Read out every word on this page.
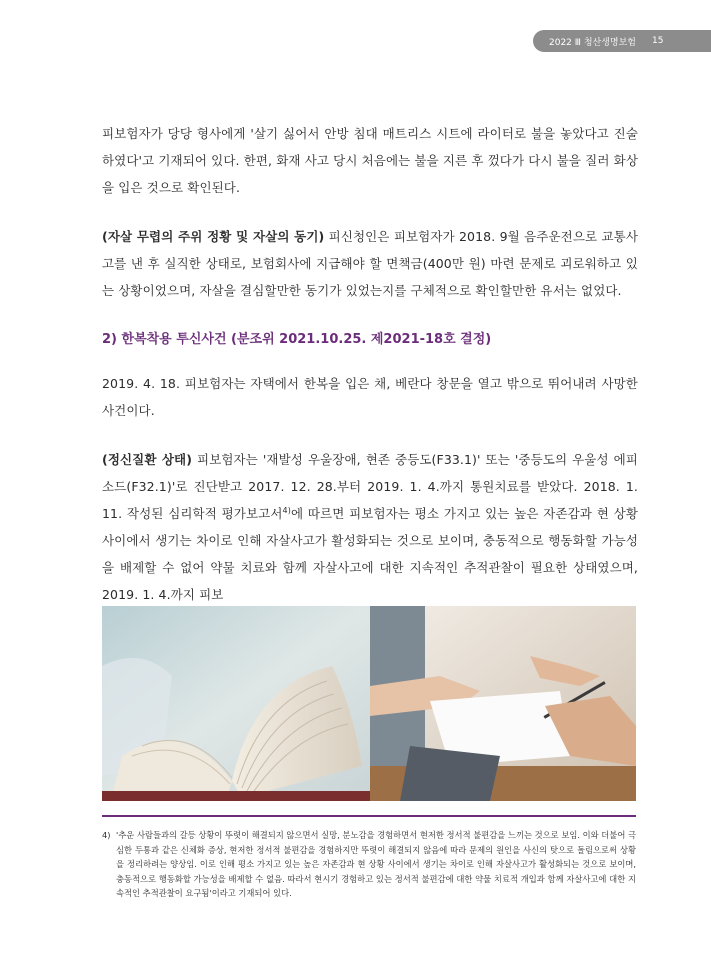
2022 Ⅲ 청산생명보험 15

피보험자가 당당 형사에게 '살기 싫어서 안방 침대 매트리스 시트에 라이터로 불을 놓았다고 진술하였다'고 기재되어 있다. 한편, 화재 사고 당시 처음에는 불을 지른 후 껐다가 다시 불을 질러 화상을 입은 것으로 확인된다.

(자살 무렵의 주위 정황 및 자살의 동기) 피신청인은 피보험자가 2018. 9월 음주운전으로 교통사고를 낸 후 실직한 상태로, 보험회사에 지급해야 할 면책금(400만 원) 마련 문제로 괴로워하고 있는 상황이었으며, 자살을 결심할만한 동기가 있었는지를 구체적으로 확인할만한 유서는 없었다.

2) 한복착용 투신사건 (분조위 2021.10.25. 제2021-18호 결정)

2019. 4. 18. 피보험자는 자택에서 한복을 입은 채, 베란다 창문을 열고 밖으로 뛰어내려 사망한 사건이다.

(정신질환 상태) 피보험자는 '재발성 우울장애, 현존 중등도(F33.1)' 또는 '중등도의 우울성 에피소드(F32.1)'로 진단받고 2017. 12. 28.부터 2019. 1. 4.까지 통원치료를 받았다. 2018. 1. 11. 작성된 심리학적 평가보고서$^{4)}$에 따르면 피보험자는 평소 가지고 있는 높은 자존감과 현 상황 사이에서 생기는 차이로 인해 자살사고가 활성화되는 것으로 보이며, 충동적으로 행동화할 가능성을 배제할 수 없어 약물 치료와 함께 자살사고에 대한 지속적인 추적관찰이 필요한 상태였으며, 2019. 1. 4.까지 피보

4) '추운 사람들과의 갈등 상황이 뚜렷이 해결되지 않으면서 실망, 분노감을 경험하면서 현저한 정서적 불편감을 느끼는 것으로 보임. 이와 더불어 극심한 두통과 같은 신체화 증상, 현저한 정서적 불편감을 경험하지만 뚜렷이 해결되지 않음에 따라 문제의 원인을 사신의 탓으로 돌림으로써 상황을 정리하려는 양상임. 이로 인해 평소 가지고 있는 높은 자존감과 현 상황 사이에서 생기는 차이로 인해 자살사고가 활성화되는 것으로 보이며, 충동적으로 행동화할 가능성을 배제할 수 없음. 따라서 현시기 경험하고 있는 정서적 불편감에 대한 약물 치료적 개입과 함께 자살사고에 대한 지속적인 추적관찰이 요구됨'이라고 기재되어 있다.
